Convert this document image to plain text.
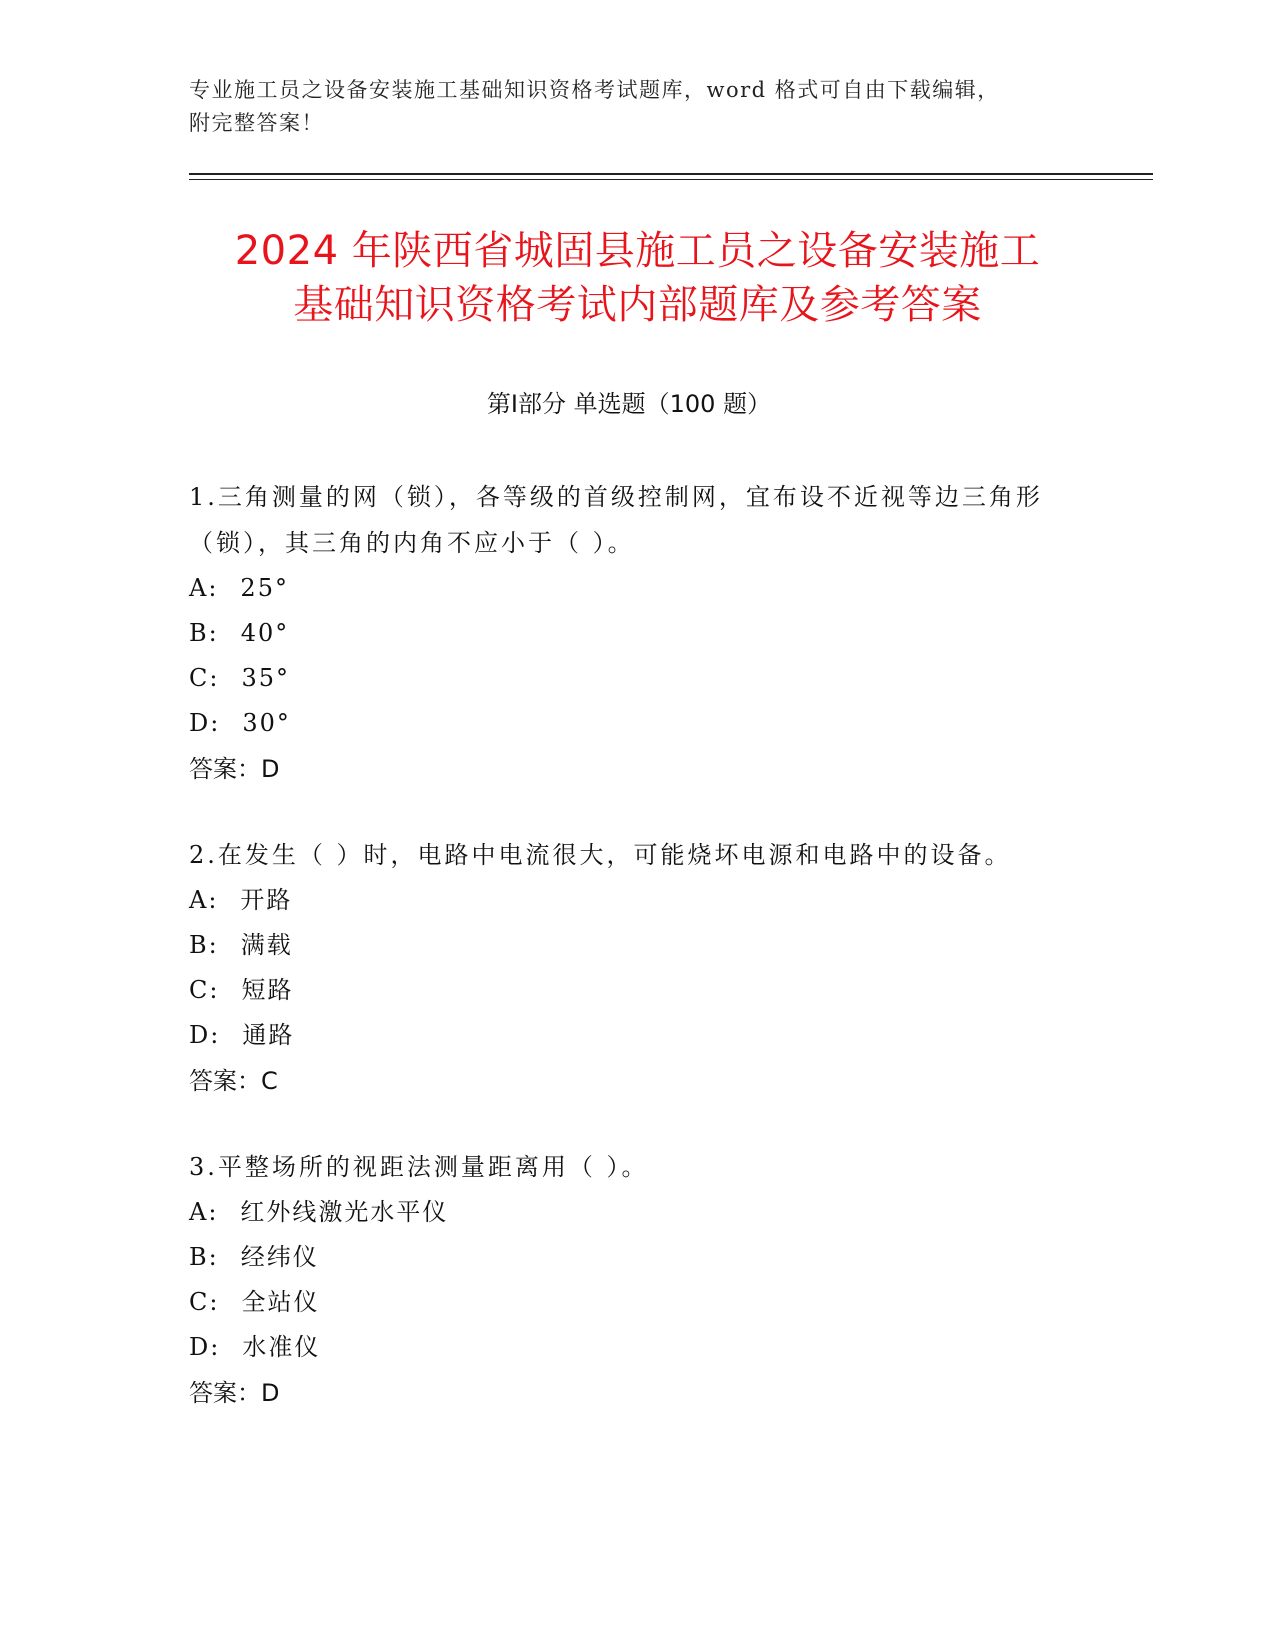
专业施工员之设备安装施工基础知识资格考试题库，word 格式可自由下载编辑，
附完整答案！
2024 年陕西省城固县施工员之设备安装施工
基础知识资格考试内部题库及参考答案
第Ⅰ部分 单选题（100 题）

1.三角测量的网（锁），各等级的首级控制网，宜布设不近视等边三角形（锁），其三角的内角不应小于（ ）。

A: 25°

B: 40°

C: 35°

D: 30°

答案：D

2.在发生（ ）时，电路中电流很大，可能烧坏电源和电路中的设备。

A: 开路

B: 满载

C: 短路

D: 通路

答案：C

3.平整场所的视距法测量距离用（ ）。

A: 红外线激光水平仪

B: 经纬仪

C: 全站仪

D: 水准仪

答案：D
